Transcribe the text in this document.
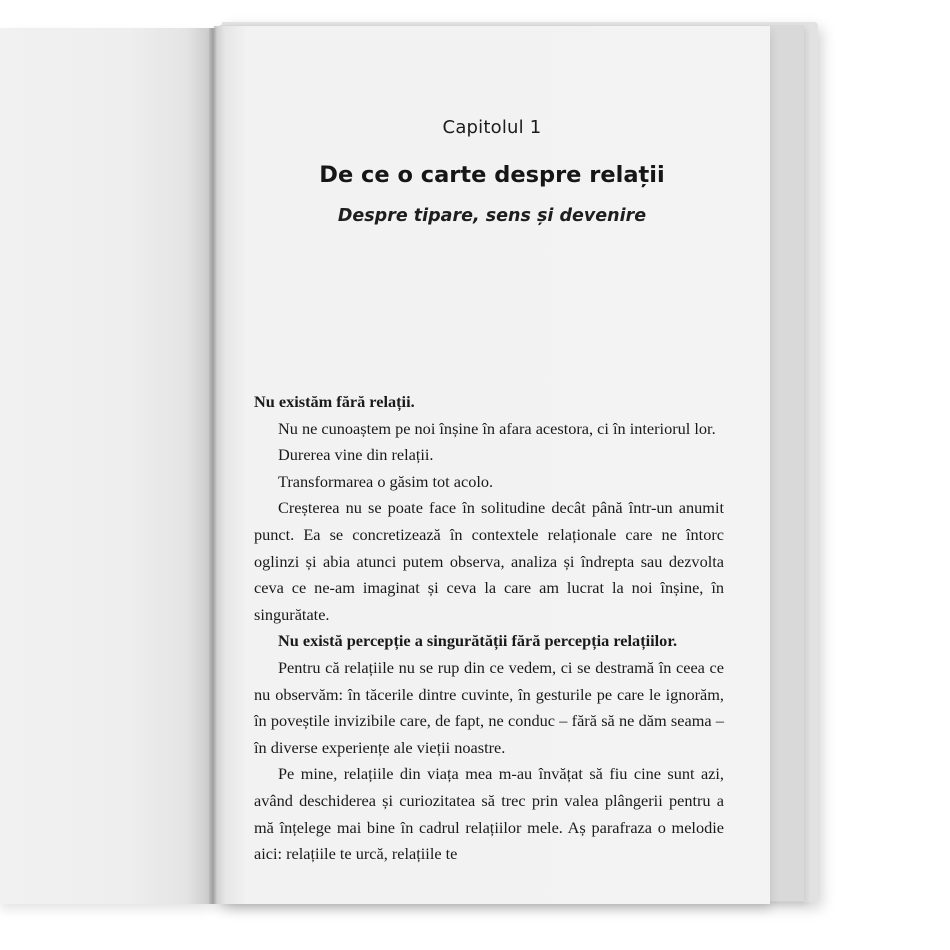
Capitolul 1
De ce o carte despre relații
Despre tipare, sens și devenire

Nu existăm fără relații.

Nu ne cunoaștem pe noi înșine în afara acestora, ci în interiorul lor.

Durerea vine din relații.

Transformarea o găsim tot acolo.

Creșterea nu se poate face în solitudine decât până într-un anumit punct. Ea se concretizează în contextele relaționale care ne întorc oglinzi și abia atunci putem observa, analiza și îndrepta sau dezvolta ceva ce ne-am imaginat și ceva la care am lucrat la noi înșine, în singurătate.

Nu există percepție a singurătății fără percepția relațiilor.

Pentru că relațiile nu se rup din ce vedem, ci se destramă în ceea ce nu observăm: în tăcerile dintre cuvinte, în gesturile pe care le ignorăm, în poveștile invizibile care, de fapt, ne conduc – fără să ne dăm seama – în diverse experiențe ale vieții noastre.

Pe mine, relațiile din viața mea m-au învățat să fiu cine sunt azi, având deschiderea și curiozitatea să trec prin valea plângerii pentru a mă înțelege mai bine în cadrul relațiilor mele. Aș parafraza o melodie aici: relațiile te urcă, relațiile te
